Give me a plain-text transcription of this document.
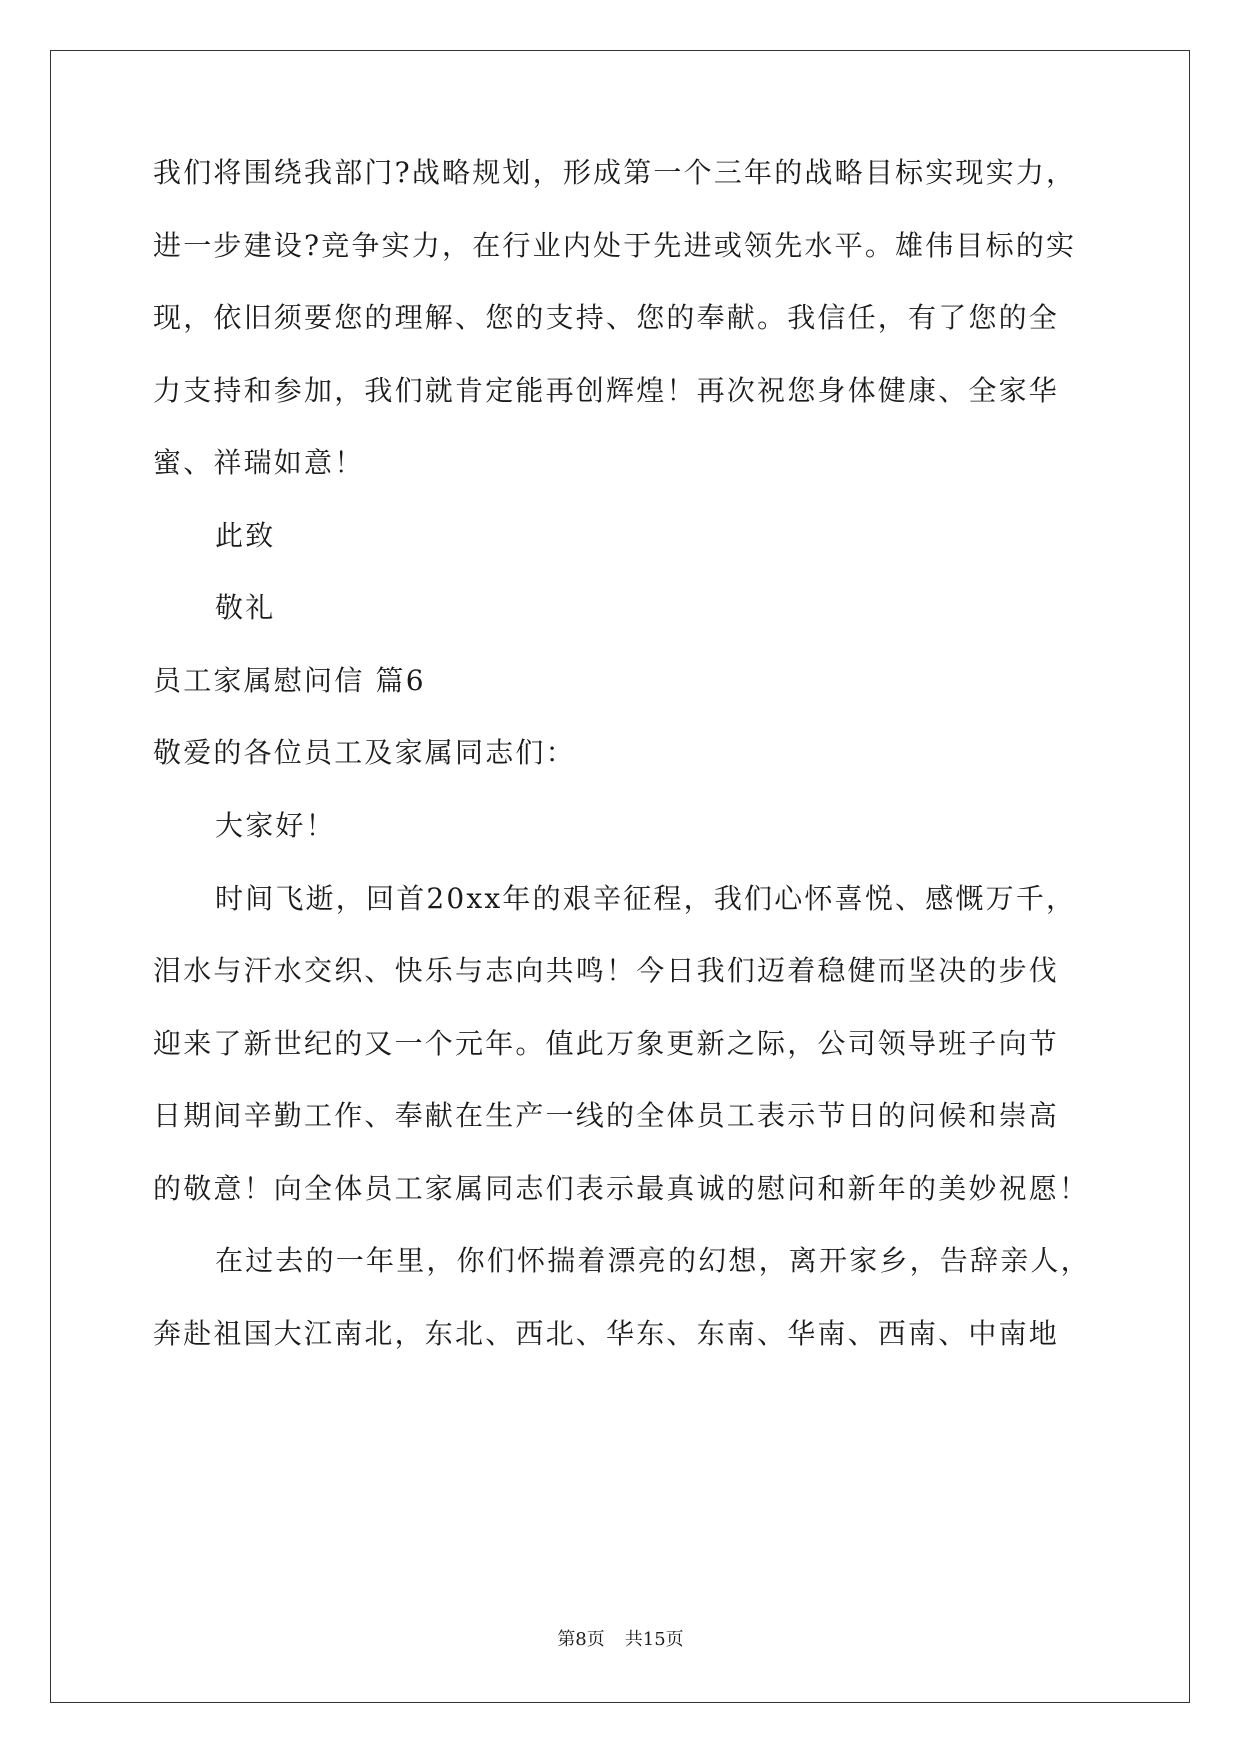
我们将围绕我部门?战略规划，形成第一个三年的战略目标实现实力，
进一步建设?竞争实力，在行业内处于先进或领先水平。雄伟目标的实
现，依旧须要您的理解、您的支持、您的奉献。我信任，有了您的全
力支持和参加，我们就肯定能再创辉煌！再次祝您身体健康、全家华
蜜、祥瑞如意！
此致
敬礼
员工家属慰问信 篇6
敬爱的各位员工及家属同志们：
大家好！
时间飞逝，回首20xx年的艰辛征程，我们心怀喜悦、感慨万千，
泪水与汗水交织、快乐与志向共鸣！今日我们迈着稳健而坚决的步伐
迎来了新世纪的又一个元年。值此万象更新之际，公司领导班子向节
日期间辛勤工作、奉献在生产一线的全体员工表示节日的问候和崇高
的敬意！向全体员工家属同志们表示最真诚的慰问和新年的美妙祝愿！
在过去的一年里，你们怀揣着漂亮的幻想，离开家乡，告辞亲人，
奔赴祖国大江南北，东北、西北、华东、东南、华南、西南、中南地
第8页 共15页
